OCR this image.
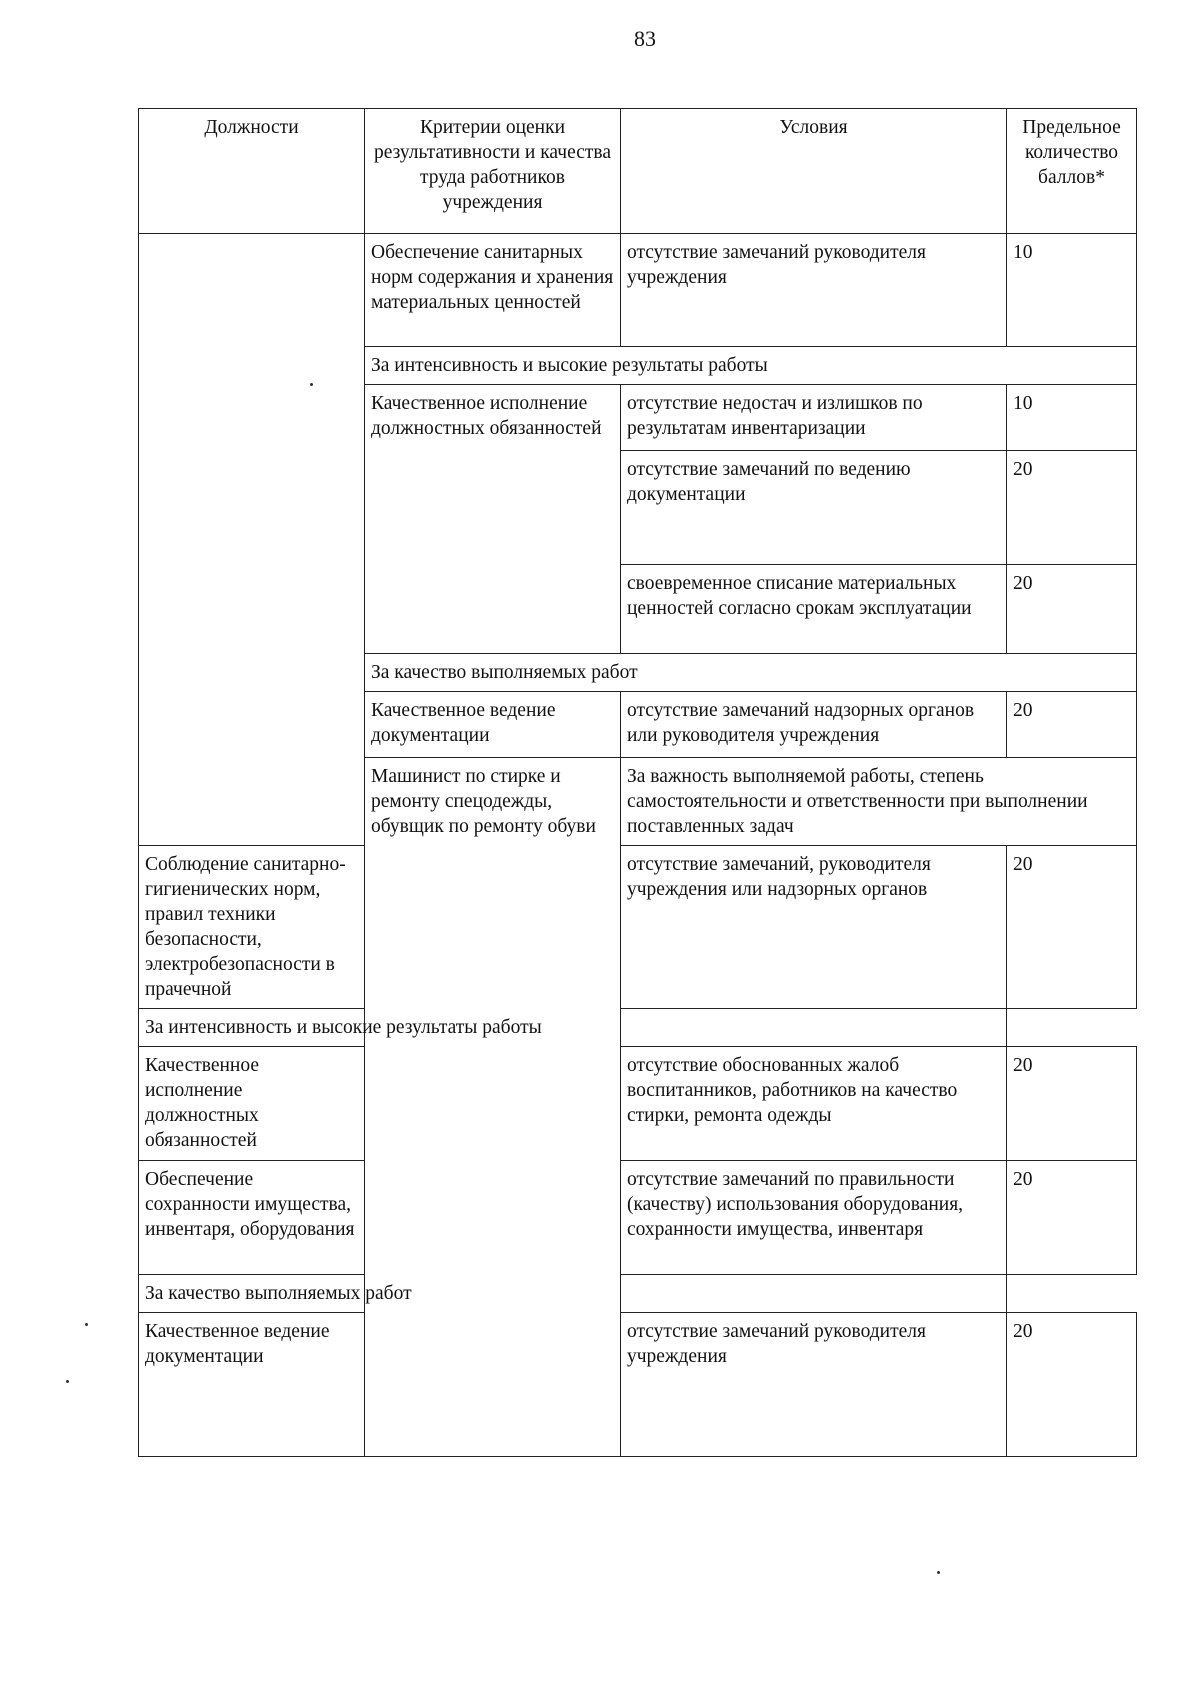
83
Должности	Критерии оценки результативности и качества труда работников учреждения	Условия	Предельное количество баллов*
	Обеспечение санитарных норм содержания и хранения материальных ценностей	отсутствие замечаний руководителя учреждения	10
	За интенсивность и высокие результаты работы		
	Качественное исполнение должностных обязанностей	отсутствие недостач и излишков по результатам инвентаризации	10
		отсутствие замечаний по ведению документации	20
		своевременное списание материальных ценностей согласно срокам эксплуатации	20
	За качество выполняемых работ		
	Качественное ведение документации	отсутствие замечаний надзорных органов или руководителя учреждения	20
	Машинист по стирке и ремонту спецодежды, обувщик по ремонту обуви	За важность выполняемой работы, степень самостоятельности и ответственности при выполнении поставленных задач	
Соблюдение санитарно-гигиенических норм, правил техники безопасности, электробезопасности в прачечной		отсутствие замечаний, руководителя учреждения или надзорных органов	20
За интенсивность и высокие результаты работы			
Качественное исполнение должностных обязанностей		отсутствие обоснованных жалоб воспитанников, работников на качество стирки, ремонта одежды	20
Обеспечение сохранности имущества, инвентаря, оборудования		отсутствие замечаний по правильности (качеству) использования оборудования, сохранности имущества, инвентаря	20
За качество выполняемых работ			
Качественное ведение документации		отсутствие замечаний руководителя учреждения	20
